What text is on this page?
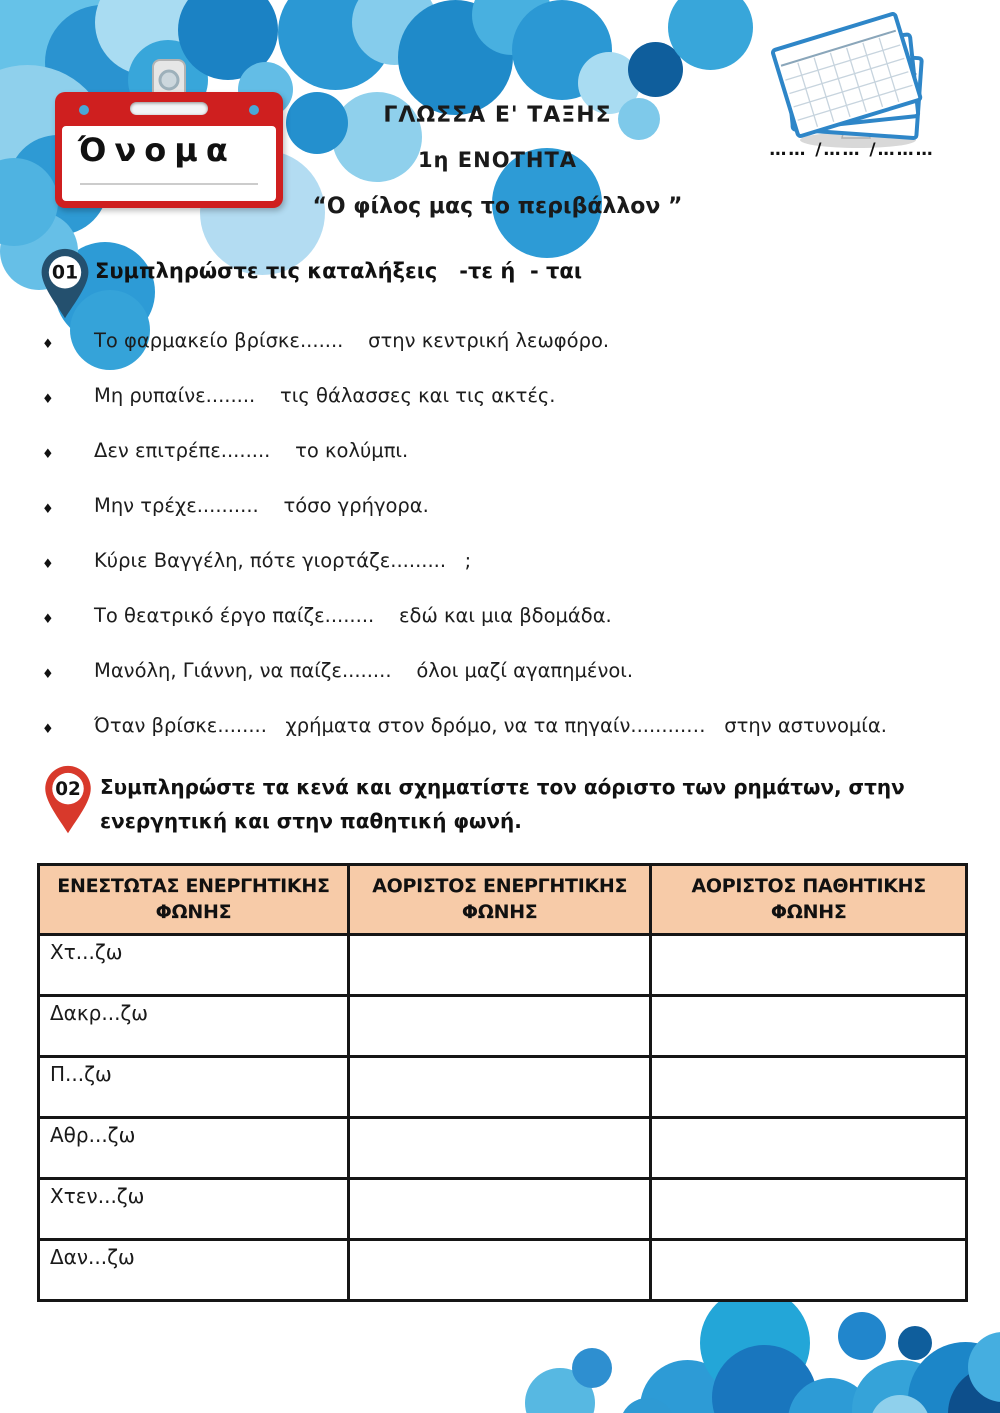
Όνομα
ΓΛΩΣΣΑ Ε' ΤΑΞΗΣ
1η ΕΝΟΤΗΤΑ
“Ο φίλος μας το περιβάλλον ”
…… /…… /………
01 Συμπληρώστε τις καταλήξεις   -τε ή  - ται
♦	Το φαρμακείο βρίσκε.......    στην κεντρική λεωφόρο.
♦	Μη ρυπαίνε........    τις θάλασσες και τις ακτές.
♦	Δεν επιτρέπε........    το κολύμπι.
♦	Μην τρέχε..........    τόσο γρήγορα.
♦	Κύριε Βαγγέλη, πότε γιορτάζε.........   ;
♦	Το θεατρικό έργο παίζε........    εδώ και μια βδομάδα.
♦	Μανόλη, Γιάννη, να παίζε........    όλοι μαζί αγαπημένοι.
♦	Όταν βρίσκε........   χρήματα στον δρόμο, να τα πηγαίν.........…   στην αστυνομία.
02 Συμπληρώστε τα κενά και σχηματίστε τον αόριστο των ρημάτων, στην ενεργητική και στην παθητική φωνή.
ΕΝΕΣΤΩΤΑΣ ΕΝΕΡΓΗΤΙΚΗΣ ΦΩΝΗΣ	ΑΟΡΙΣΤΟΣ ΕΝΕΡΓΗΤΙΚΗΣ ΦΩΝΗΣ	ΑΟΡΙΣΤΟΣ ΠΑΘΗΤΙΚΗΣ ΦΩΝΗΣ
Χτ...ζω		
Δακρ...ζω		
Π...ζω		
Αθρ...ζω		
Χτεν...ζω		
Δαν...ζω		
